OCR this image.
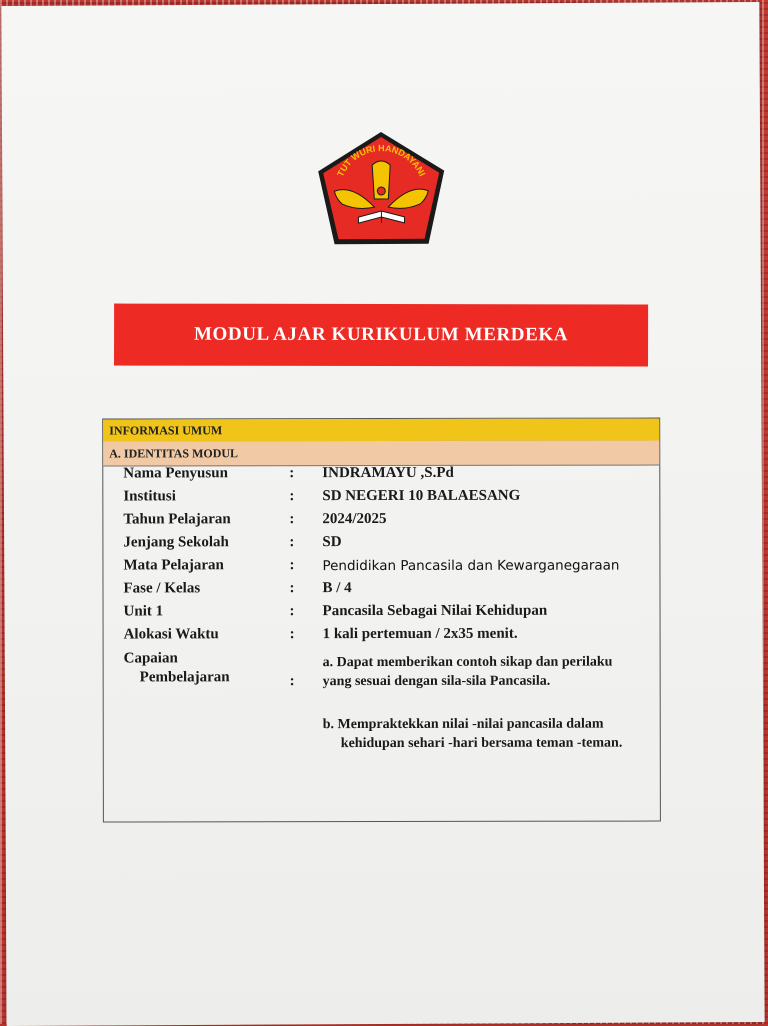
TUT WURI HANDAYANI
MODUL AJAR KURIKULUM MERDEKA
INFORMASI UMUM
A. IDENTITAS MODUL
Nama Penyusun	: INDRAMAYU ,S.Pd
Institusi	: SD NEGERI 10 BALAESANG
Tahun Pelajaran	: 2024/2025
Jenjang Sekolah	: SD
Mata Pelajaran	: Pendidikan Pancasila dan Kewarganegaraan
Fase / Kelas	: B / 4
Unit 1	: Pancasila Sebagai Nilai Kehidupan
Alokasi Waktu	: 1 kali pertemuan / 2x35 menit.
Capaian
Pembelajaran	:
a. Dapat memberikan contoh sikap dan perilaku yang sesuai dengan sila-sila Pancasila.
b. Mempraktekkan nilai -nilai pancasila dalam kehidupan sehari -hari bersama teman -teman.
